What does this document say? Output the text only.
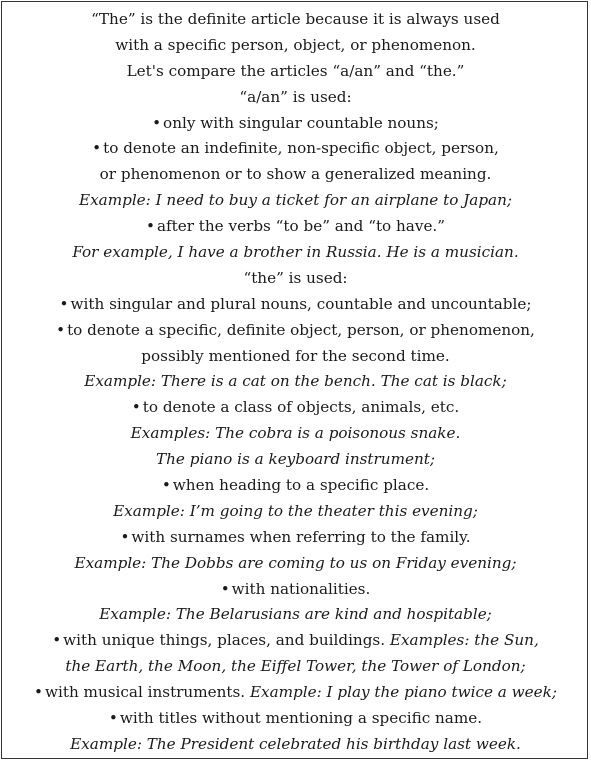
“The” is the definite article because it is always used
with a specific person, object, or phenomenon.
Let's compare the articles “a/an” and “the.”
“a/an” is used:
• only with singular countable nouns;
• to denote an indefinite, non-specific object, person,
or phenomenon or to show a generalized meaning.
Example: I need to buy a ticket for an airplane to Japan;
• after the verbs “to be” and “to have.”
For example, I have a brother in Russia. He is a musician.
“the” is used:
• with singular and plural nouns, countable and uncountable;
• to denote a specific, definite object, person, or phenomenon,
possibly mentioned for the second time.
Example: There is a cat on the bench. The cat is black;
• to denote a class of objects, animals, etc.
Examples: The cobra is a poisonous snake.
The piano is a keyboard instrument;
• when heading to a specific place.
Example: I’m going to the theater this evening;
• with surnames when referring to the family.
Example: The Dobbs are coming to us on Friday evening;
• with nationalities.
Example: The Belarusians are kind and hospitable;
• with unique things, places, and buildings. Examples: the Sun,
the Earth, the Moon, the Eiffel Tower, the Tower of London;
• with musical instruments. Example: I play the piano twice a week;
• with titles without mentioning a specific name.
Example: The President celebrated his birthday last week.
